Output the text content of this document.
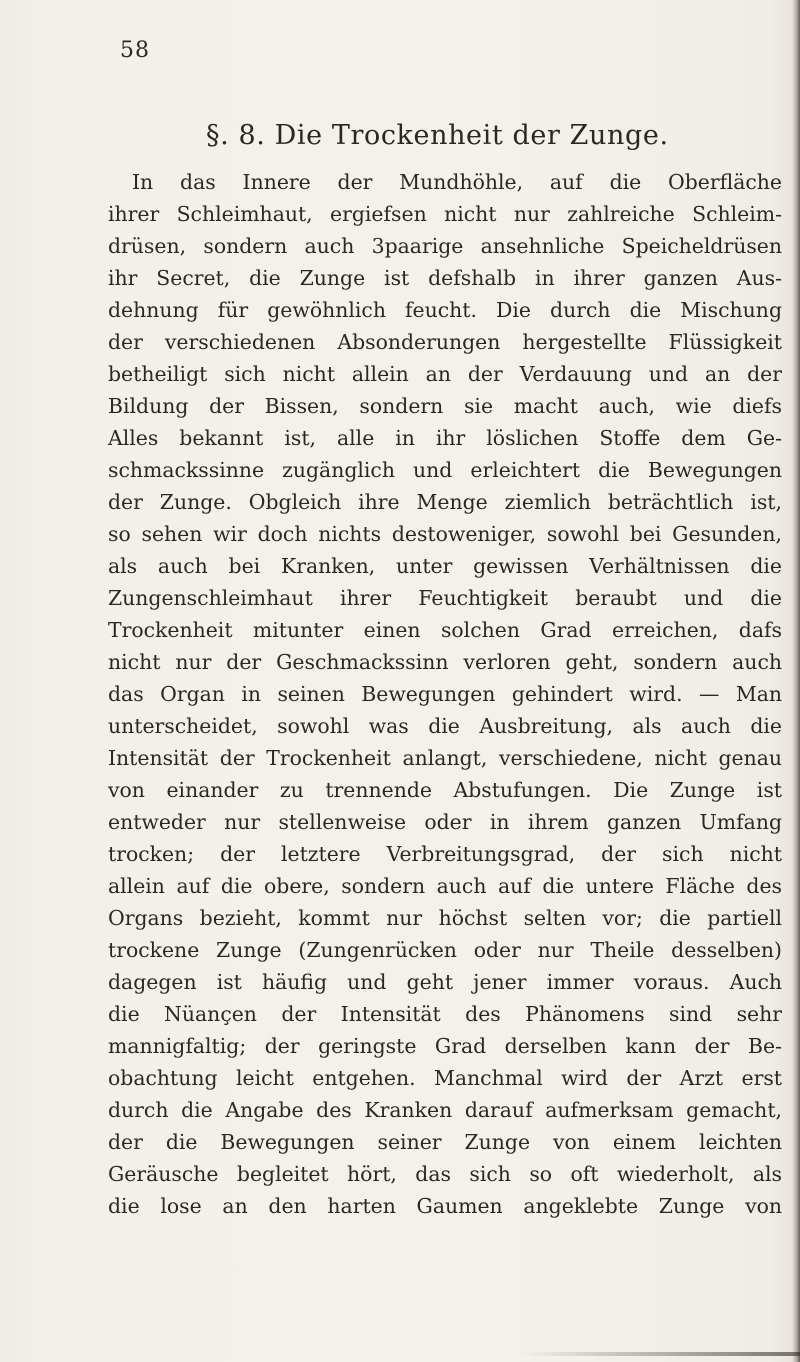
58
§. 8. Die Trockenheit der Zunge.
In das Innere der Mundhöhle, auf die Oberfläche
ihrer Schleimhaut, ergiefsen nicht nur zahlreiche Schleim-
drüsen, sondern auch 3paarige ansehnliche Speicheldrüsen
ihr Secret, die Zunge ist defshalb in ihrer ganzen Aus-
dehnung für gewöhnlich feucht. Die durch die Mischung
der verschiedenen Absonderungen hergestellte Flüssigkeit
betheiligt sich nicht allein an der Verdauung und an der
Bildung der Bissen, sondern sie macht auch, wie diefs
Alles bekannt ist, alle in ihr löslichen Stoffe dem Ge-
schmackssinne zugänglich und erleichtert die Bewegungen
der Zunge. Obgleich ihre Menge ziemlich beträchtlich ist,
so sehen wir doch nichts destoweniger, sowohl bei Gesunden,
als auch bei Kranken, unter gewissen Verhältnissen die
Zungenschleimhaut ihrer Feuchtigkeit beraubt und die
Trockenheit mitunter einen solchen Grad erreichen, dafs
nicht nur der Geschmackssinn verloren geht, sondern auch
das Organ in seinen Bewegungen gehindert wird. — Man
unterscheidet, sowohl was die Ausbreitung, als auch die
Intensität der Trockenheit anlangt, verschiedene, nicht genau
von einander zu trennende Abstufungen. Die Zunge ist
entweder nur stellenweise oder in ihrem ganzen Umfang
trocken; der letztere Verbreitungsgrad, der sich nicht
allein auf die obere, sondern auch auf die untere Fläche des
Organs bezieht, kommt nur höchst selten vor; die partiell
trockene Zunge (Zungenrücken oder nur Theile desselben)
dagegen ist häufig und geht jener immer voraus. Auch
die Nüançen der Intensität des Phänomens sind sehr
mannigfaltig; der geringste Grad derselben kann der Be-
obachtung leicht entgehen. Manchmal wird der Arzt erst
durch die Angabe des Kranken darauf aufmerksam gemacht,
der die Bewegungen seiner Zunge von einem leichten
Geräusche begleitet hört, das sich so oft wiederholt, als
die lose an den harten Gaumen angeklebte Zunge von
